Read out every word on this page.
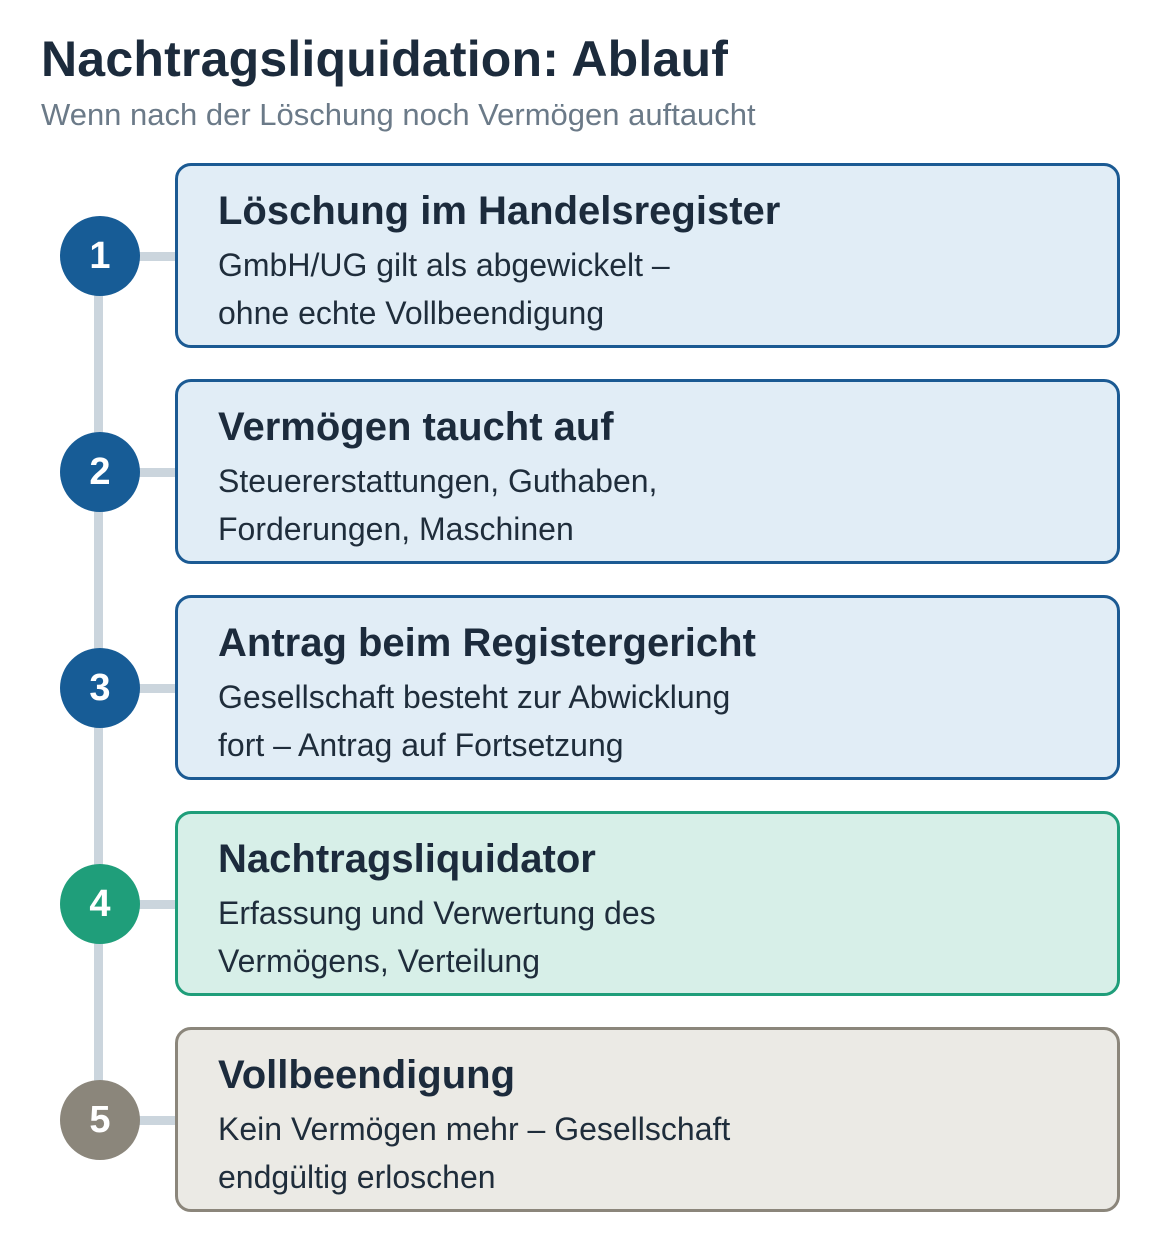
Nachtragsliquidation: Ablauf
Wenn nach der Löschung noch Vermögen auftaucht
1
Löschung im Handelsregister
GmbH/UG gilt als abgewickelt –
ohne echte Vollbeendigung
2
Vermögen taucht auf
Steuererstattungen, Guthaben,
Forderungen, Maschinen
3
Antrag beim Registergericht
Gesellschaft besteht zur Abwicklung
fort – Antrag auf Fortsetzung
4
Nachtragsliquidator
Erfassung und Verwertung des
Vermögens, Verteilung
5
Vollbeendigung
Kein Vermögen mehr – Gesellschaft
endgültig erloschen
